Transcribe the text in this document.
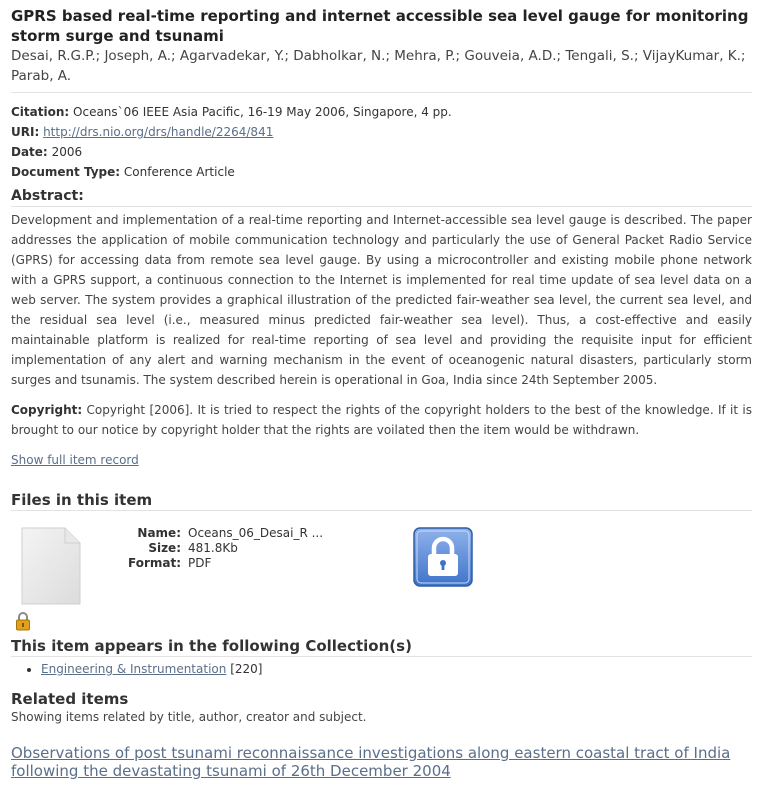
GPRS based real-time reporting and internet accessible sea level gauge for monitoring storm surge and tsunami
Desai, R.G.P.; Joseph, A.; Agarvadekar, Y.; Dabholkar, N.; Mehra, P.; Gouveia, A.D.; Tengali, S.; VijayKumar, K.; Parab, A.
Citation: Oceans`06 IEEE Asia Pacific, 16-19 May 2006, Singapore, 4 pp.
URI: http://drs.nio.org/drs/handle/2264/841
Date: 2006
Document Type: Conference Article
Abstract:
Development and implementation of a real-time reporting and Internet-accessible sea level gauge is described. The paper addresses the application of mobile communication technology and particularly the use of General Packet Radio Service (GPRS) for accessing data from remote sea level gauge. By using a microcontroller and existing mobile phone network with a GPRS support, a continuous connection to the Internet is implemented for real time update of sea level data on a web server. The system provides a graphical illustration of the predicted fair-weather sea level, the current sea level, and the residual sea level (i.e., measured minus predicted fair-weather sea level). Thus, a cost-effective and easily maintainable platform is realized for real-time reporting of sea level and providing the requisite input for efficient implementation of any alert and warning mechanism in the event of oceanogenic natural disasters, particularly storm surges and tsunamis. The system described herein is operational in Goa, India since 24th September 2005.
Copyright: Copyright [2006]. It is tried to respect the rights of the copyright holders to the best of the knowledge. If it is brought to our notice by copyright holder that the rights are voilated then the item would be withdrawn.
Show full item record
Files in this item
Name: Oceans_06_Desai_R ...
Size: 481.8Kb
Format: PDF
This item appears in the following Collection(s)
• Engineering & Instrumentation [220]
Related items
Showing items related by title, author, creator and subject.
Observations of post tsunami reconnaissance investigations along eastern coastal tract of India following the devastating tsunami of 26th December 2004
